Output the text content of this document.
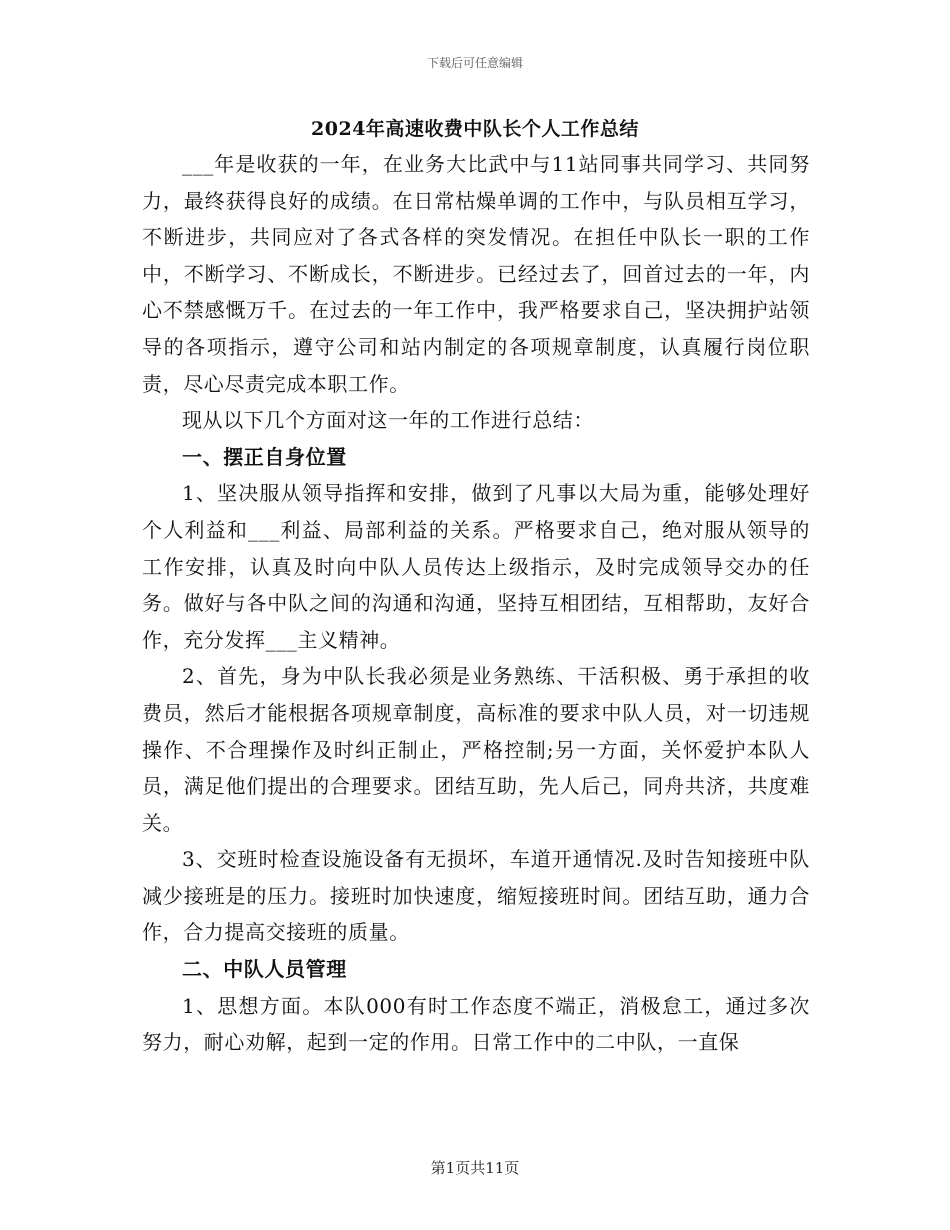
下载后可任意编辑
2024年高速收费中队长个人工作总结

___年是收获的一年，在业务大比武中与11站同事共同学习、共同努力，最终获得良好的成绩。在日常枯燥单调的工作中，与队员相互学习，不断进步，共同应对了各式各样的突发情况。在担任中队长一职的工作中，不断学习、不断成长，不断进步。已经过去了，回首过去的一年，内心不禁感慨万千。在过去的一年工作中，我严格要求自己，坚决拥护站领导的各项指示，遵守公司和站内制定的各项规章制度，认真履行岗位职责，尽心尽责完成本职工作。

现从以下几个方面对这一年的工作进行总结：

一、摆正自身位置

1、坚决服从领导指挥和安排，做到了凡事以大局为重，能够处理好个人利益和___利益、局部利益的关系。严格要求自己，绝对服从领导的工作安排，认真及时向中队人员传达上级指示，及时完成领导交办的任务。做好与各中队之间的沟通和沟通，坚持互相团结，互相帮助，友好合作，充分发挥___主义精神。

2、首先，身为中队长我必须是业务熟练、干活积极、勇于承担的收费员，然后才能根据各项规章制度，高标准的要求中队人员，对一切违规操作、不合理操作及时纠正制止，严格控制;另一方面，关怀爱护本队人员，满足他们提出的合理要求。团结互助，先人后己，同舟共济，共度难关。

3、交班时检查设施设备有无损坏，车道开通情况.及时告知接班中队减少接班是的压力。接班时加快速度，缩短接班时间。团结互助，通力合作，合力提高交接班的质量。

二、中队人员管理

1、思想方面。本队000有时工作态度不端正，消极怠工，通过多次努力，耐心劝解，起到一定的作用。日常工作中的二中队，一直保

第1页共11页
